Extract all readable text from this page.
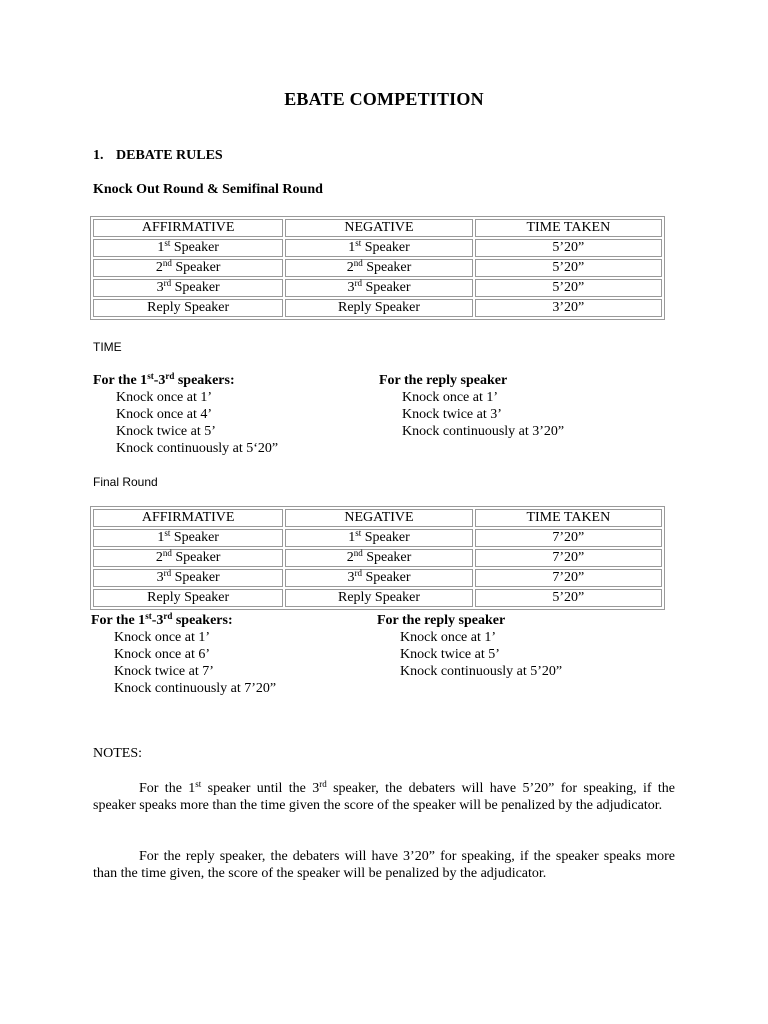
EBATE COMPETITION
1. DEBATE RULES
Knock Out Round & Semifinal Round
AFFIRMATIVE	NEGATIVE	TIME TAKEN
1st Speaker	1st Speaker	5’20”
2nd Speaker	2nd Speaker	5’20”
3rd Speaker	3rd Speaker	5’20”
Reply Speaker	Reply Speaker	3’20”
TIME
For the 1st-3rd speakers:
Knock once at 1’
Knock once at 4’
Knock twice at 5’
Knock continuously at 5‘20”
For the reply speaker
Knock once at 1’
Knock twice at 3’
Knock continuously at 3’20”
Final Round
AFFIRMATIVE	NEGATIVE	TIME TAKEN
1st Speaker	1st Speaker	7’20”
2nd Speaker	2nd Speaker	7’20”
3rd Speaker	3rd Speaker	7’20”
Reply Speaker	Reply Speaker	5’20”
For the 1st-3rd speakers:
Knock once at 1’
Knock once at 6’
Knock twice at 7’
Knock continuously at 7’20”
For the reply speaker
Knock once at 1’
Knock twice at 5’
Knock continuously at 5’20”
NOTES:
For the 1st speaker until the 3rd speaker, the debaters will have 5’20” for speaking, if the speaker speaks more than the time given the score of the speaker will be penalized by the adjudicator.
For the reply speaker, the debaters will have 3’20” for speaking, if the speaker speaks more than the time given, the score of the speaker will be penalized by the adjudicator.
